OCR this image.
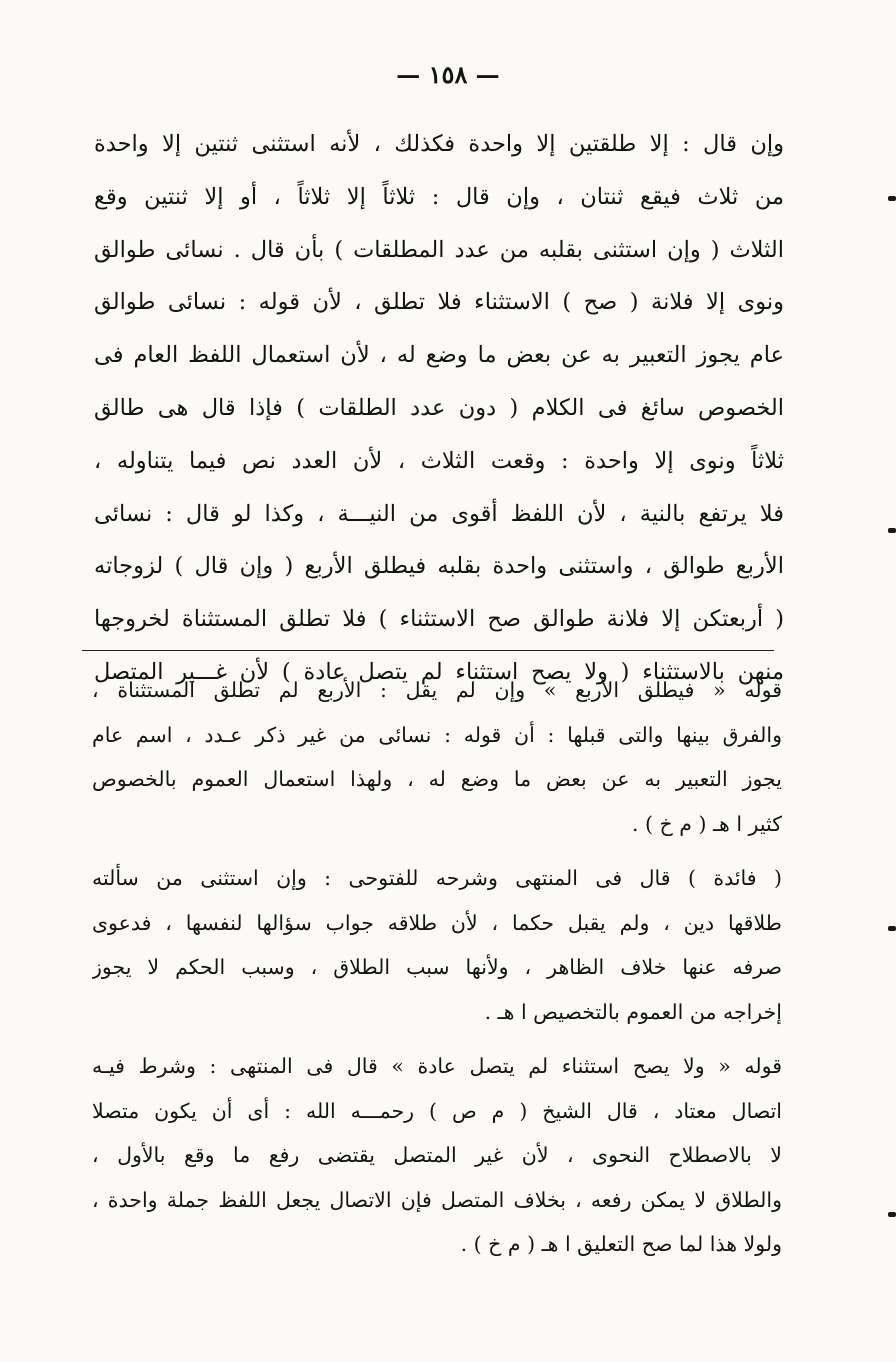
— ١٥٨ —
وإن قال : إلا طلقتين إلا واحدة فكذلك ، لأنه استثنى ثنتين إلا واحدة
من ثلاث فيقع ثنتان ، وإن قال : ثلاثاً إلا ثلاثاً ، أو إلا ثنتين وقع
الثلاث ( وإن استثنى بقلبه من عدد المطلقات ) بأن قال . نسائى طوالق
ونوى إلا فلانة ( صح ) الاستثناء فلا تطلق ، لأن قوله : نسائى طوالق
عام يجوز التعبير به عن بعض ما وضع له ، لأن استعمال اللفظ العام فى
الخصوص سائغ فى الكلام ( دون عدد الطلقات ) فإذا قال هى طالق
ثلاثاً ونوى إلا واحدة : وقعت الثلاث ، لأن العدد نص فيما يتناوله ،
فلا يرتفع بالنية ، لأن اللفظ أقوى من النيـــة ، وكذا لو قال : نسائى
الأربع طوالق ، واستثنى واحدة بقلبه فيطلق الأربع ( وإن قال ) لزوجاته
( أربعتكن إلا فلانة طوالق صح الاستثناء ) فلا تطلق المستثناة لخروجها
منهن بالاستثناء ( ولا يصح استثناء لم يتصل عادة ) لأن غـــير المتصل
قوله « فيطلق الأربع » وإن لم يقل : الأربع لم تطلق المستثناة ،
والفرق بينها والتى قبلها : أن قوله : نسائى من غير ذكر عـدد ، اسم عام
يجوز التعبير به عن بعض ما وضع له ، ولهذا استعمال العموم بالخصوص
كثير ا هـ ( م خ ) .
( فائدة ) قال فى المنتهى وشرحه للفتوحى : وإن استثنى من سألته
طلاقها دين ، ولم يقبل حكما ، لأن طلاقه جواب سؤالها لنفسها ، فدعوى
صرفه عنها خلاف الظاهر ، ولأنها سبب الطلاق ، وسبب الحكم لا يجوز
إخراجه من العموم بالتخصيص ا هـ .
قوله « ولا يصح استثناء لم يتصل عادة » قال فى المنتهى : وشرط فيـه
اتصال معتاد ، قال الشيخ ( م ص ) رحمـــه الله : أى أن يكون متصلا
لا بالاصطلاح النحوى ، لأن غير المتصل يقتضى رفع ما وقع بالأول ،
والطلاق لا يمكن رفعه ، بخلاف المتصل فإن الاتصال يجعل اللفظ جملة واحدة ،
ولولا هذا لما صح التعليق ا هـ ( م خ ) .
